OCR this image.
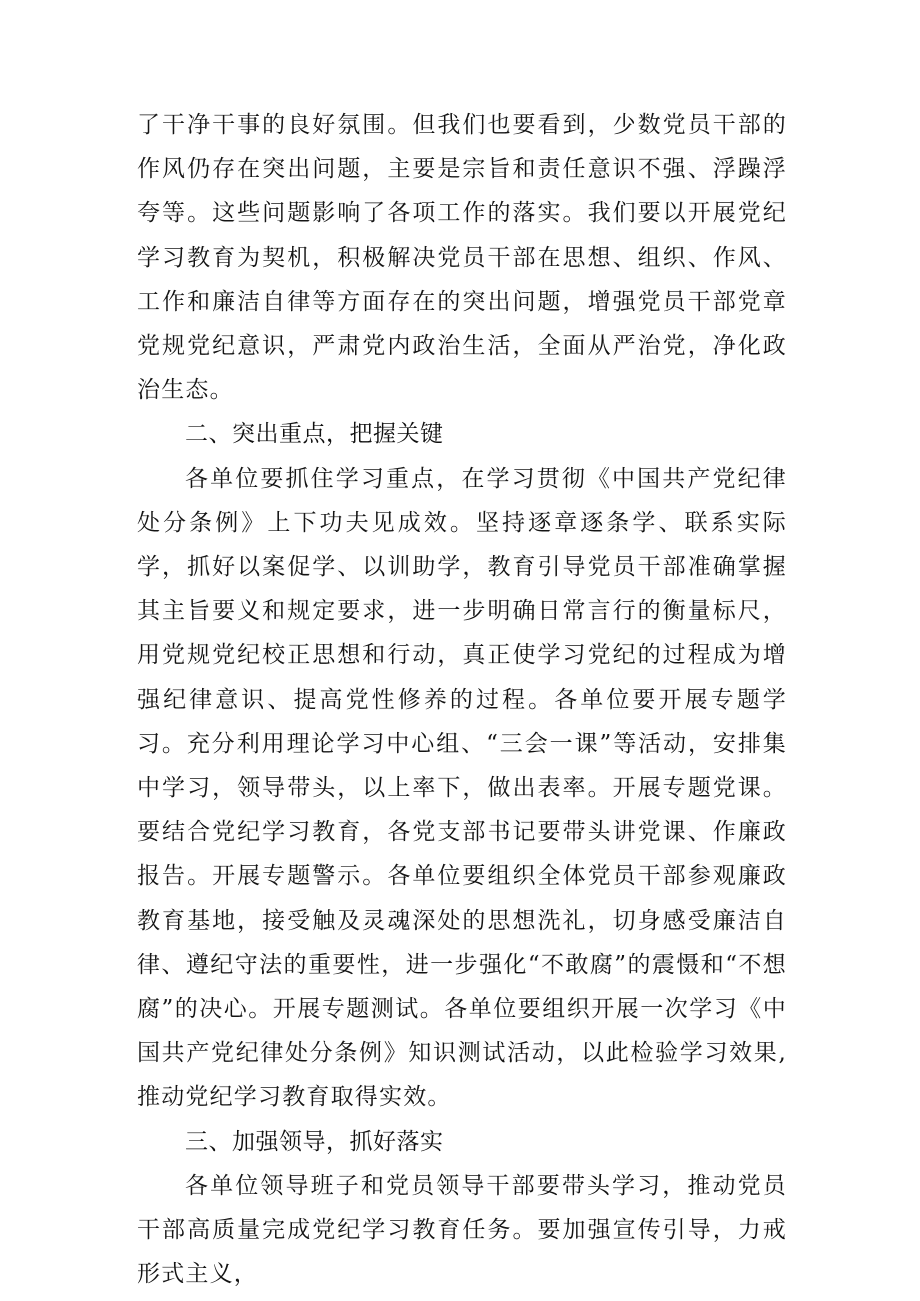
了干净干事的良好氛围。但我们也要看到，少数党员干部的作风仍存在突出问题，主要是宗旨和责任意识不强、浮躁浮夸等。这些问题影响了各项工作的落实。我们要以开展党纪学习教育为契机，积极解决党员干部在思想、组织、作风、工作和廉洁自律等方面存在的突出问题，增强党员干部党章党规党纪意识，严肃党内政治生活，全面从严治党，净化政治生态。

二、突出重点，把握关键

各单位要抓住学习重点，在学习贯彻《中国共产党纪律处分条例》上下功夫见成效。坚持逐章逐条学、联系实际学，抓好以案促学、以训助学，教育引导党员干部准确掌握其主旨要义和规定要求，进一步明确日常言行的衡量标尺，用党规党纪校正思想和行动，真正使学习党纪的过程成为增强纪律意识、提高党性修养的过程。各单位要开展专题学习。充分利用理论学习中心组、“三会一课”等活动，安排集中学习，领导带头，以上率下，做出表率。开展专题党课。要结合党纪学习教育，各党支部书记要带头讲党课、作廉政报告。开展专题警示。各单位要组织全体党员干部参观廉政教育基地，接受触及灵魂深处的思想洗礼，切身感受廉洁自律、遵纪守法的重要性，进一步强化“不敢腐”的震慑和“不想腐”的决心。开展专题测试。各单位要组织开展一次学习《中国共产党纪律处分条例》知识测试活动，以此检验学习效果,推动党纪学习教育取得实效。

三、加强领导，抓好落实

各单位领导班子和党员领导干部要带头学习，推动党员干部高质量完成党纪学习教育任务。要加强宣传引导，力戒形式主义，
